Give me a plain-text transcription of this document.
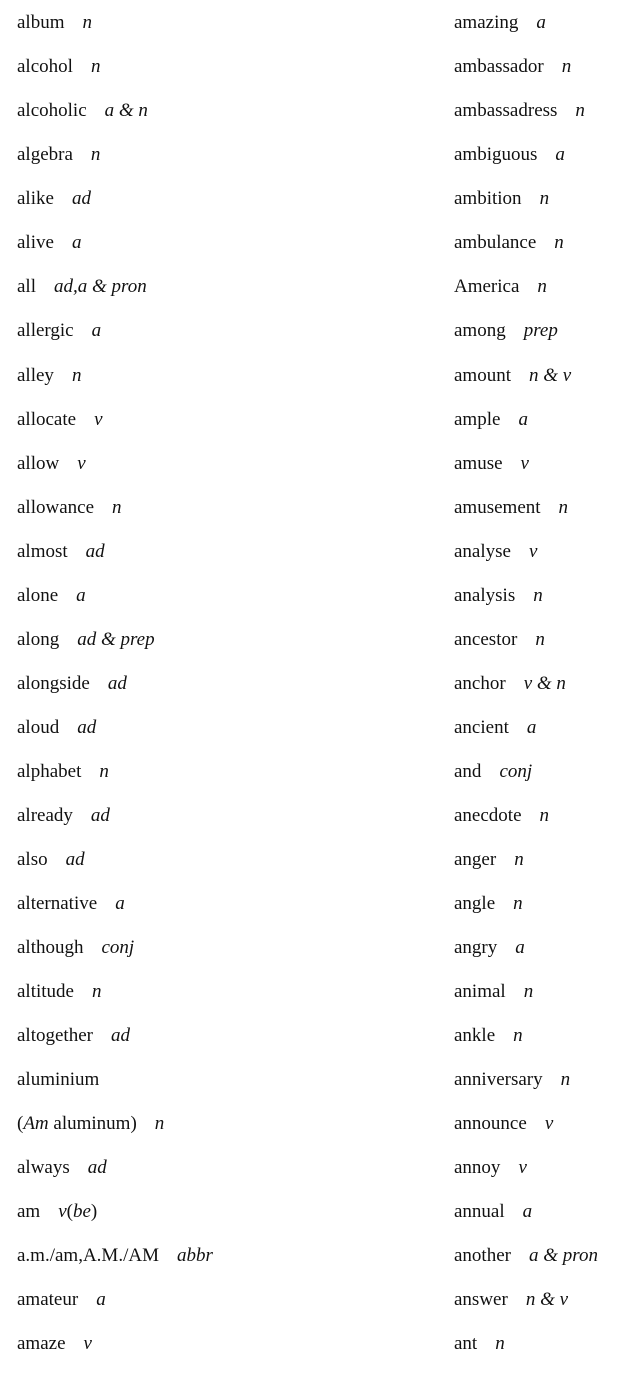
album n
alcohol n
alcoholic a & n
algebra n
alike ad
alive a
all ad,a & pron
allergic a
alley n
allocate v
allow v
allowance n
almost ad
alone a
along ad & prep
alongside ad
aloud ad
alphabet n
already ad
also ad
alternative a
although conj
altitude n
altogether ad
aluminium
(Am aluminum) n
always ad
am v(be)
a.m./am,A.M./AM abbr
amateur a
amaze v
amazing a
ambassador n
ambassadress n
ambiguous a
ambition n
ambulance n
America n
among prep
amount n & v
ample a
amuse v
amusement n
analyse v
analysis n
ancestor n
anchor v & n
ancient a
and conj
anecdote n
anger n
angle n
angry a
animal n
ankle n
anniversary n
announce v
annoy v
annual a
another a & pron
answer n & v
ant n
